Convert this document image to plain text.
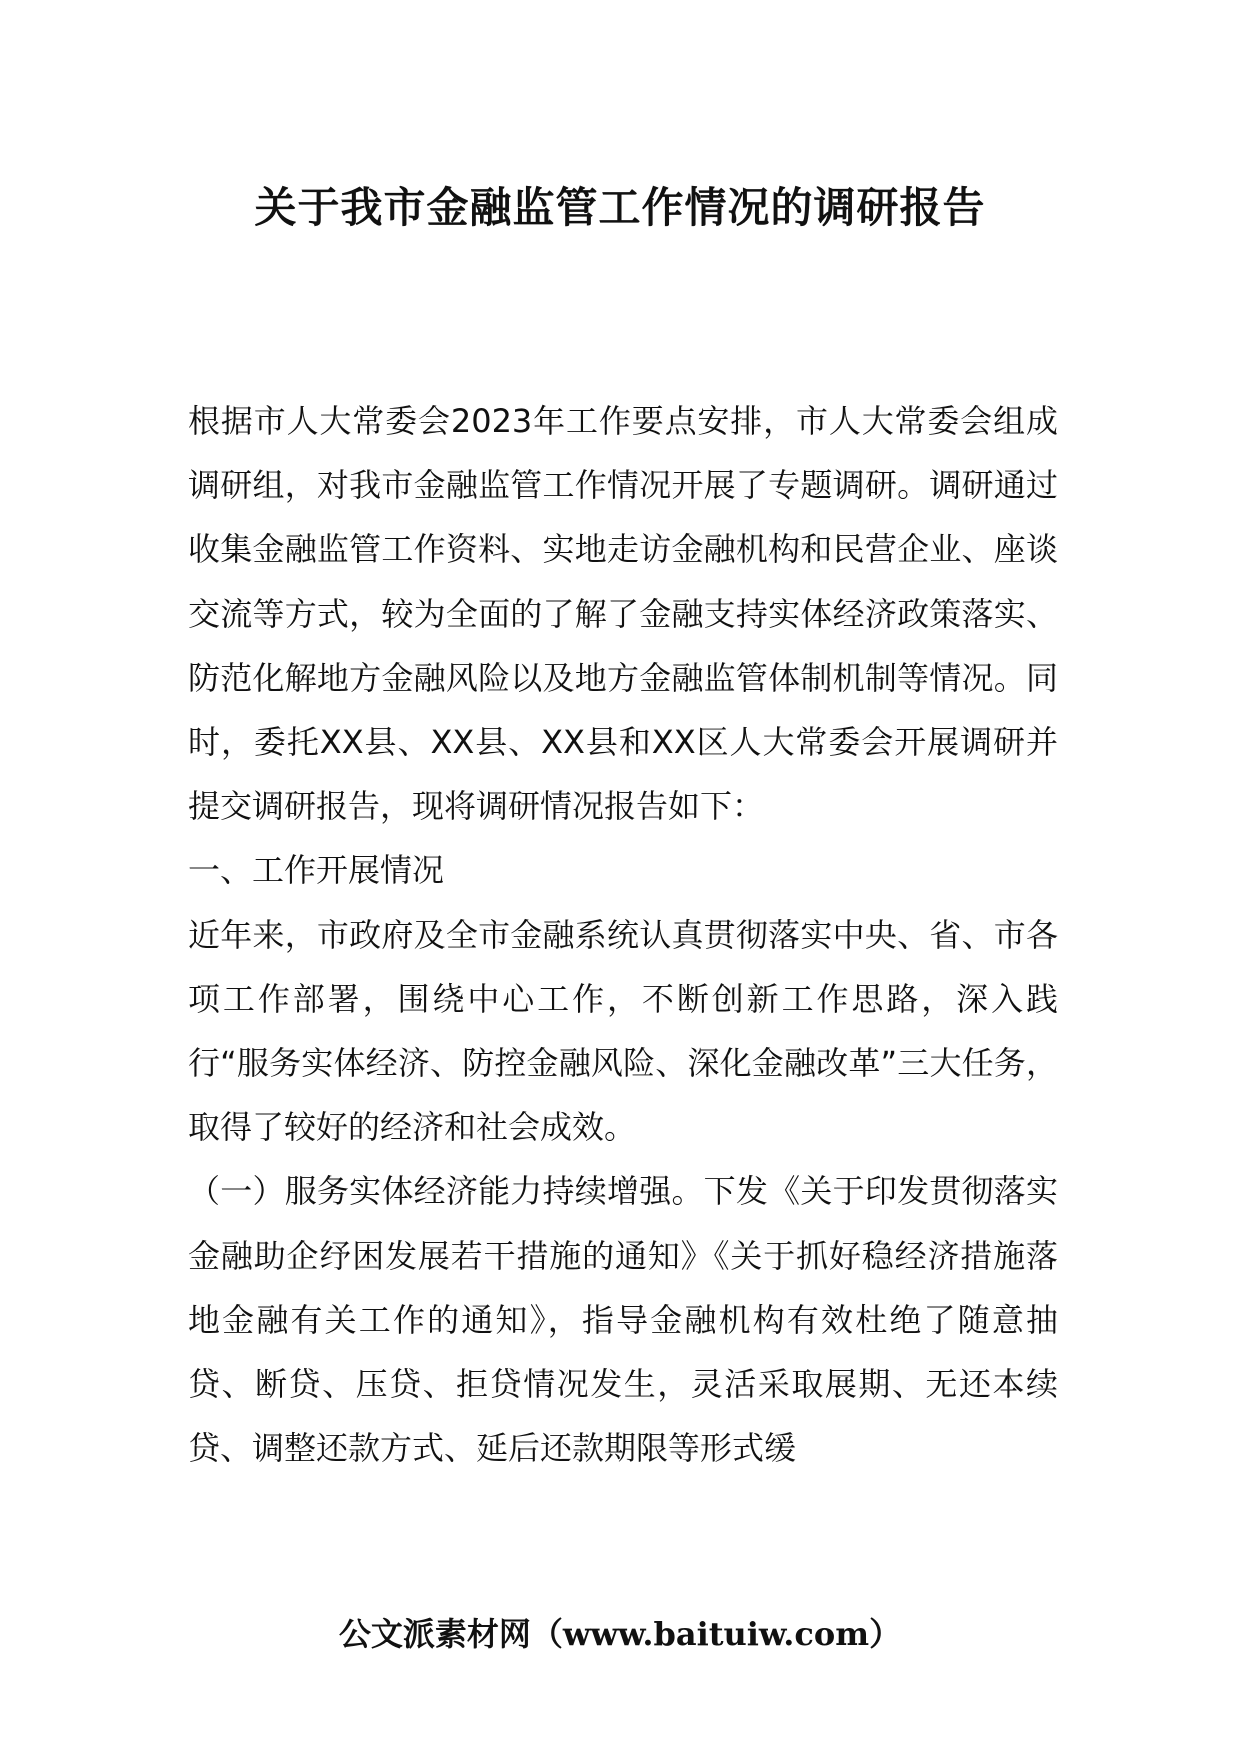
关于我市金融监管工作情况的调研报告

根据市人大常委会2023年工作要点安排，市人大常委会组成调研组，对我市金融监管工作情况开展了专题调研。调研通过收集金融监管工作资料、实地走访金融机构和民营企业、座谈交流等方式，较为全面的了解了金融支持实体经济政策落实、防范化解地方金融风险以及地方金融监管体制机制等情况。同时，委托XX县、XX县、XX县和XX区人大常委会开展调研并提交调研报告，现将调研情况报告如下：

一、工作开展情况

近年来，市政府及全市金融系统认真贯彻落实中央、省、市各项工作部署，围绕中心工作，不断创新工作思路，深入践行“服务实体经济、防控金融风险、深化金融改革”三大任务，取得了较好的经济和社会成效。

（一）服务实体经济能力持续增强。下发《关于印发贯彻落实金融助企纾困发展若干措施的通知》《关于抓好稳经济措施落地金融有关工作的通知》，指导金融机构有效杜绝了随意抽贷、断贷、压贷、拒贷情况发生，灵活采取展期、无还本续贷、调整还款方式、延后还款期限等形式缓

公文派素材网（www.baituiw.com）
